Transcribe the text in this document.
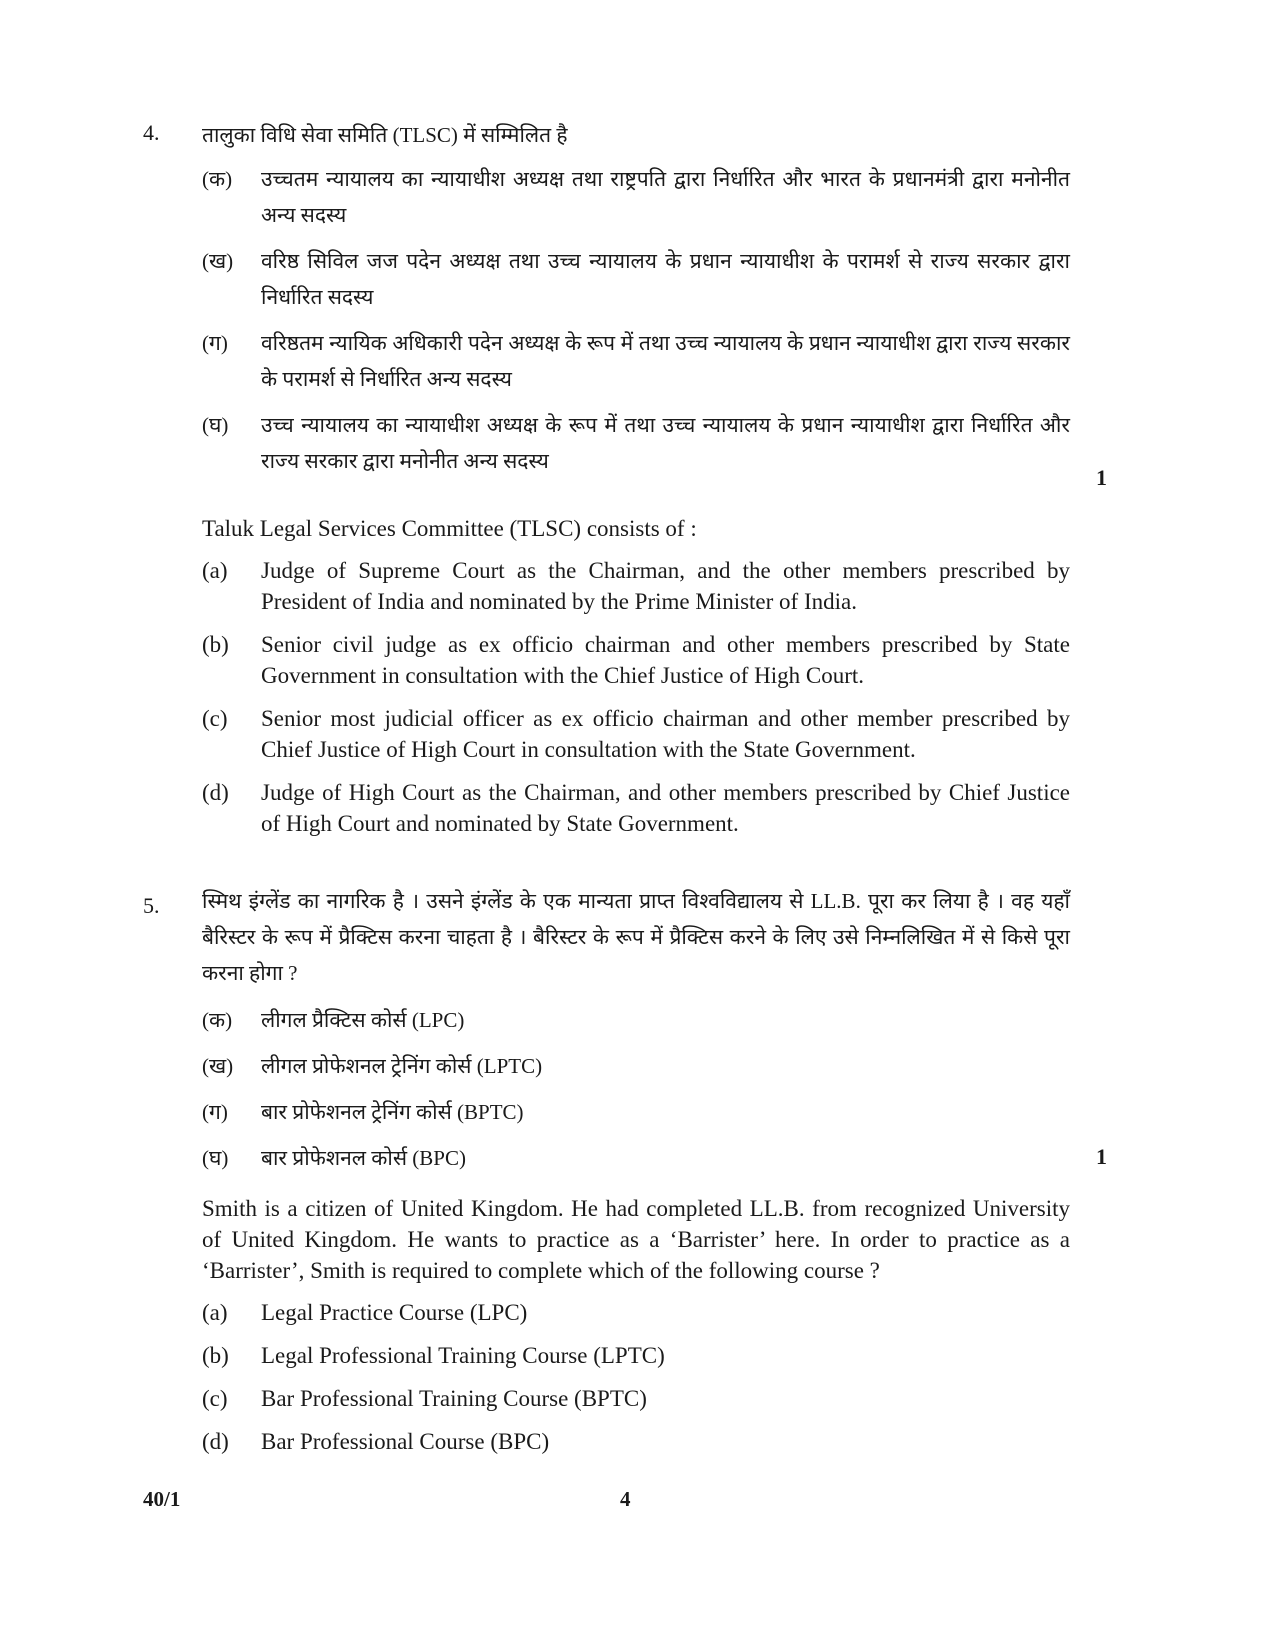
4. तालुका विधि सेवा समिति (TLSC) में सम्मिलित है
(क)	उच्चतम न्यायालय का न्यायाधीश अध्यक्ष तथा राष्ट्रपति द्वारा निर्धारित और भारत के प्रधानमंत्री द्वारा मनोनीत अन्य सदस्य
(ख)	वरिष्ठ सिविल जज पदेन अध्यक्ष तथा उच्च न्यायालय के प्रधान न्यायाधीश के परामर्श से राज्य सरकार द्वारा निर्धारित सदस्य
(ग)	वरिष्ठतम न्यायिक अधिकारी पदेन अध्यक्ष के रूप में तथा उच्च न्यायालय के प्रधान न्यायाधीश द्वारा राज्य सरकार के परामर्श से निर्धारित अन्य सदस्य
(घ)	उच्च न्यायालय का न्यायाधीश अध्यक्ष के रूप में तथा उच्च न्यायालय के प्रधान न्यायाधीश द्वारा निर्धारित और राज्य सरकार द्वारा मनोनीत अन्य सदस्य
1
Taluk Legal Services Committee (TLSC) consists of :
(a)	Judge of Supreme Court as the Chairman, and the other members prescribed by President of India and nominated by the Prime Minister of India.
(b)	Senior civil judge as ex officio chairman and other members prescribed by State Government in consultation with the Chief Justice of High Court.
(c)	Senior most judicial officer as ex officio chairman and other member prescribed by Chief Justice of High Court in consultation with the State Government.
(d)	Judge of High Court as the Chairman, and other members prescribed by Chief Justice of High Court and nominated by State Government.
5. स्मिथ इंग्लेंड का नागरिक है । उसने इंग्लेंड के एक मान्यता प्राप्त विश्वविद्यालय से LL.B. पूरा कर लिया है । वह यहाँ बैरिस्टर के रूप में प्रैक्टिस करना चाहता है । बैरिस्टर के रूप में प्रैक्टिस करने के लिए उसे निम्नलिखित में से किसे पूरा करना होगा ?
(क)	लीगल प्रैक्टिस कोर्स (LPC)
(ख)	लीगल प्रोफेशनल ट्रेनिंग कोर्स (LPTC)
(ग)	बार प्रोफेशनल ट्रेनिंग कोर्स (BPTC)
(घ)	बार प्रोफेशनल कोर्स (BPC)	1
Smith is a citizen of United Kingdom. He had completed LL.B. from recognized University of United Kingdom. He wants to practice as a ‘Barrister’ here. In order to practice as a ‘Barrister’, Smith is required to complete which of the following course ?
(a)	Legal Practice Course (LPC)
(b)	Legal Professional Training Course (LPTC)
(c)	Bar Professional Training Course (BPTC)
(d)	Bar Professional Course (BPC)
40/1	4
